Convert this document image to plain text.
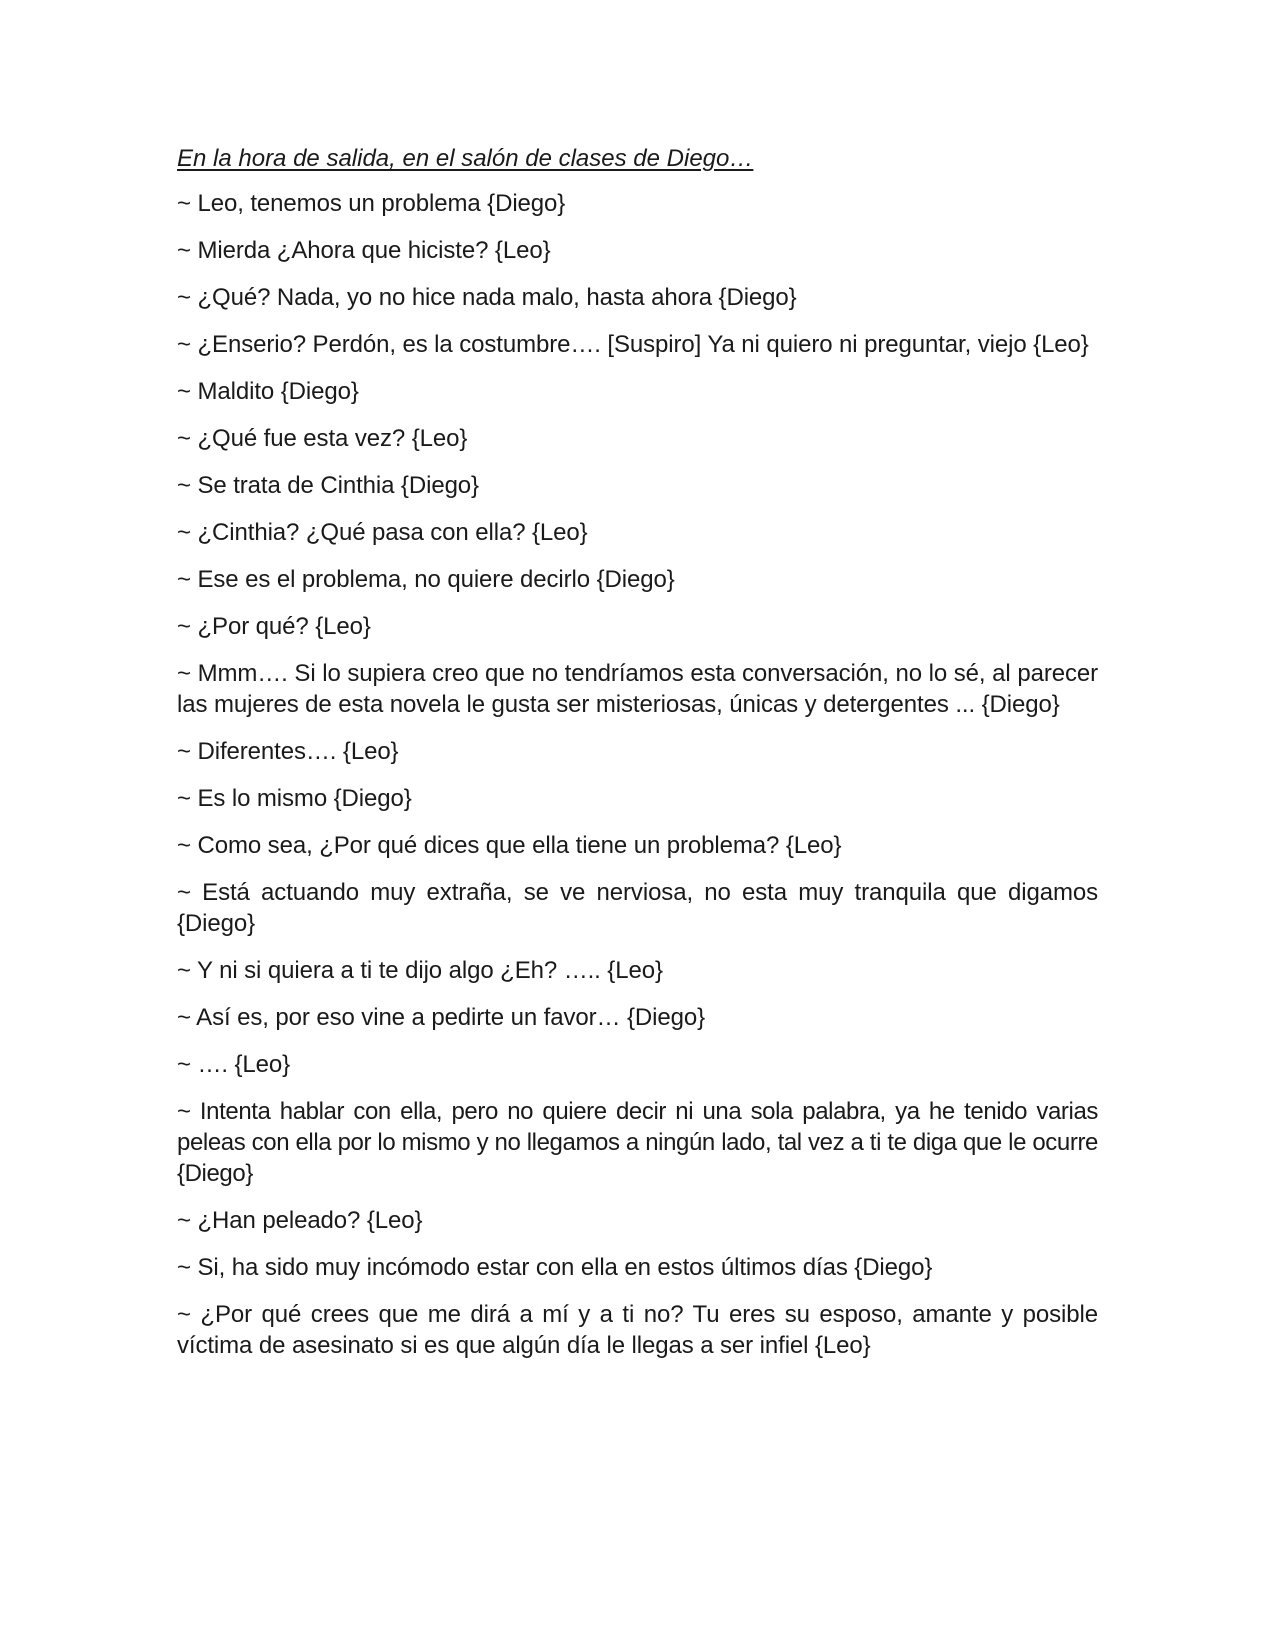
En la hora de salida, en el salón de clases de Diego…

~ Leo, tenemos un problema {Diego}

~ Mierda ¿Ahora que hiciste? {Leo}

~ ¿Qué? Nada, yo no hice nada malo, hasta ahora {Diego}

~ ¿Enserio? Perdón, es la costumbre…. [Suspiro] Ya ni quiero ni preguntar, viejo {Leo}

~ Maldito {Diego}

~ ¿Qué fue esta vez? {Leo}

~ Se trata de Cinthia {Diego}

~ ¿Cinthia? ¿Qué pasa con ella? {Leo}

~ Ese es el problema, no quiere decirlo {Diego}

~ ¿Por qué? {Leo}

~ Mmm…. Si lo supiera creo que no tendríamos esta conversación, no lo sé, al parecer las mujeres de esta novela le gusta ser misteriosas, únicas y detergentes ... {Diego}

~ Diferentes…. {Leo}

~ Es lo mismo {Diego}

~ Como sea, ¿Por qué dices que ella tiene un problema? {Leo}

~ Está actuando muy extraña, se ve nerviosa, no esta muy tranquila que digamos {Diego}

~ Y ni si quiera a ti te dijo algo ¿Eh? ….. {Leo}

~ Así es, por eso vine a pedirte un favor… {Diego}

~ …. {Leo}

~ Intenta hablar con ella, pero no quiere decir ni una sola palabra, ya he tenido varias peleas con ella por lo mismo y no llegamos a ningún lado, tal vez a ti te diga que le ocurre {Diego}

~ ¿Han peleado? {Leo}

~ Si, ha sido muy incómodo estar con ella en estos últimos días {Diego}

~ ¿Por qué crees que me dirá a mí y a ti no? Tu eres su esposo, amante y posible víctima de asesinato si es que algún día le llegas a ser infiel {Leo}
